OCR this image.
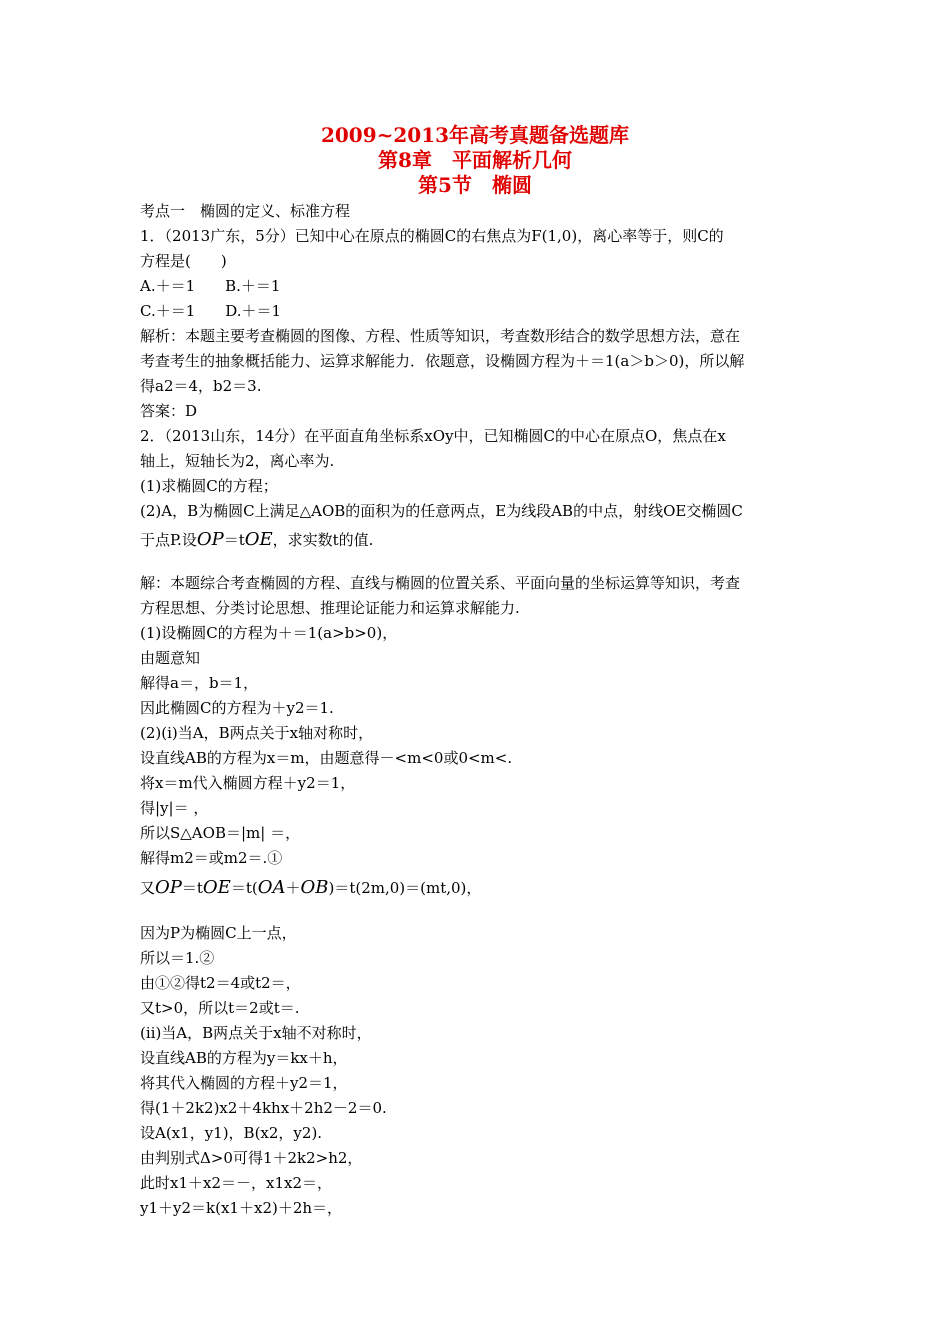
2009~2013年高考真题备选题库
第8章　平面解析几何
第5节　椭圆
考点一　椭圆的定义、标准方程
1．（2013广东，5分）已知中心在原点的椭圆C的右焦点为F(1,0)，离心率等于，则C的
方程是(　　)
A.＋＝1　　B.＋＝1
C.＋＝1　　D.＋＝1
解析：本题主要考查椭圆的图像、方程、性质等知识，考查数形结合的数学思想方法，意在
考查考生的抽象概括能力、运算求解能力．依题意，设椭圆方程为＋＝1(a＞b＞0)，所以解
得a2＝4，b2＝3.
答案：D
2．（2013山东，14分）在平面直角坐标系xOy中，已知椭圆C的中心在原点O，焦点在x
轴上，短轴长为2，离心率为.
(1)求椭圆C的方程；
(2)A，B为椭圆C上满足△AOB的面积为的任意两点，E为线段AB的中点，射线OE交椭圆C
于点P.设OP＝tOE，求实数t的值.
解：本题综合考查椭圆的方程、直线与椭圆的位置关系、平面向量的坐标运算等知识，考查
方程思想、分类讨论思想、推理论证能力和运算求解能力.
(1)设椭圆C的方程为＋＝1(a>b>0)，
由题意知
解得a＝，b＝1，
因此椭圆C的方程为＋y2＝1.
(2)(ⅰ)当A，B两点关于x轴对称时，
设直线AB的方程为x＝m，由题意得－<m<0或0<m<.
将x＝m代入椭圆方程＋y2＝1，
得|y|＝ ，
所以S△AOB＝|m| ＝，
解得m2＝或m2＝.①
又OP＝tOE＝t(OA＋OB)＝t(2m,0)＝(mt,0)，
因为P为椭圆C上一点，
所以＝1.②
由①②得t2＝4或t2＝，
又t>0，所以t＝2或t＝.
(ⅱ)当A，B两点关于x轴不对称时，
设直线AB的方程为y＝kx＋h，
将其代入椭圆的方程＋y2＝1，
得(1＋2k2)x2＋4khx＋2h2－2＝0.
设A(x1，y1)，B(x2，y2).
由判别式Δ>0可得1＋2k2>h2，
此时x1＋x2＝－，x1x2＝，
y1＋y2＝k(x1＋x2)＋2h＝，
